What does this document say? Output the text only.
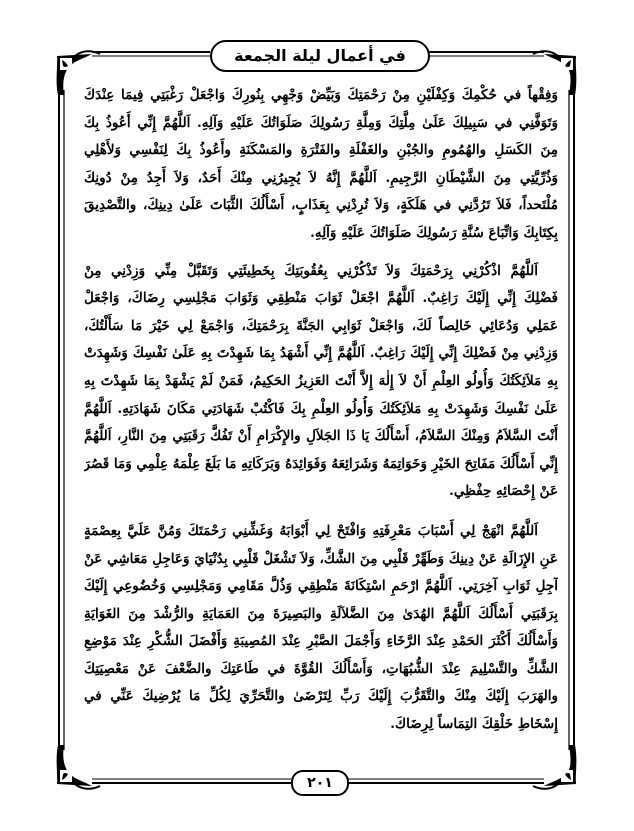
في أعمال ليلة الجمعة

وَفِقْهاً في حُكْمِكَ وَكِفْلَيْنِ مِنْ رَحْمَتِكَ وَبَيِّضْ وَجْهِي بِنُورِكَ وَاجْعَلْ رَغْبَتِي فِيمَا عِنْدَكَ
وَتَوَفَّنِي في سَبِيلِكَ عَلَىٰ مِلَّتِكَ وَمِلَّةِ رَسُولِكَ صَلَوَاتُكَ عَلَيْهِ وَآلِهِ. اَللَّهُمَّ إِنِّي أَعُوذُ بِكَ
مِنَ الكَسَلِ والهُمُومِ والجُبْنِ والغَفْلَةِ والفَتْرَةِ والمَسْكَنَةِ وأَعُوذُ بِكَ لِنَفْسِي وَلأَهْلِي
وَذُرِّيَّتِي مِنَ الشَّيْطَانِ الرَّجِيمِ. اَللَّهُمَّ إِنَّهُ لاَ يُجِيرُنِي مِنْكَ أَحَدٌ، وَلاَ أَجِدُ مِنْ دُونِكَ
مُلْتَحداً، فَلاَ تَرُدَّنِي في هَلَكَةٍ، وَلاَ تُرِدْنِي بِعَذَابٍ، أَسْأَلُكَ الثَّبَاتَ عَلَىٰ دِينِكَ، والتَّصْدِيقَ
بِكِتَابِكَ وَاتِّبَاعَ سُنَّةِ رَسُولِكَ صَلَوَاتُكَ عَلَيْهِ وَآلِهِ.

اَللَّهُمَّ اذْكُرْنِي بِرَحْمَتِكَ وَلاَ تَذْكُرْنِي بِعُقُوبَتِكَ بِخَطِيئَتِي وَتَقَبَّلْ مِنِّي وَزِدْنِي مِنْ
فَضْلِكَ إِنِّي إِلَيْكَ رَاغِبٌ. اَللَّهُمَّ اجْعَلْ ثَوَابَ مَنْطِقِي وَثَوَابَ مَجْلِسِي رِضَاكَ، وَاجْعَلْ
عَمَلِي وَدُعَائِي خَالِصاً لَكَ، وَاجْعَلْ ثَوَابِي الجَنَّةَ بِرَحْمَتِكَ، وَاجْمَعْ لِي خَيْرَ مَا سَأَلْتُكَ،
وَزِدْنِي مِنْ فَضْلِكَ إِنِّي إِلَيْكَ رَاغِبٌ. اَللَّهُمَّ إِنِّي أَشْهَدُ بِمَا شَهِدْتَ بِهِ عَلَىٰ نَفْسِكَ وَشَهِدَتْ
بِهِ مَلاَئِكَتُكَ وَأُولُو العِلْمِ أَنْ لاَ إِلٰهَ إِلاَّ أَنْتَ العَزِيزُ الحَكِيمُ، فَمَنْ لَمْ يَشْهَدْ بِمَا شَهِدْتَ بِهِ
عَلَىٰ نَفْسِكَ وَشَهِدَتْ بِهِ مَلاَئِكَتُكَ وَأُولُو العِلْمِ بِكَ فَاكْتُبْ شَهَادَتِي مَكَانَ شَهَادَتِهِ. اَللَّهُمَّ
أَنْتَ السَّلاَمُ وَمِنْكَ السَّلاَمُ، أَسْأَلُكَ يَا ذَا الجَلاَلِ والإِكْرَامِ أَنْ تَفُكَّ رَقَبَتِي مِنَ النَّارِ، اَللَّهُمَّ
إِنِّي أَسْأَلُكَ مَفَاتِحَ الخَيْرِ وَخَوَاتِمَهُ وَشَرَائِعَهُ وَفَوَائِدَهُ وَبَرَكَاتِهِ مَا بَلَغَ عِلْمَهُ عِلْمِي وَمَا قَصُرَ
عَنْ إِحْصَائِهِ حِفْظِي.

اَللَّهُمَّ انْهَجْ لِي أَسْبَابَ مَعْرِفَتِهِ وَافْتَحْ لِي أَبْوَابَهُ وَغَشِّنِي رَحْمَتَكَ وَمُنَّ عَلَيَّ بِعِصْمَةٍ
عَنِ الإِزَالَةِ عَنْ دِينِكَ وَطَهِّرْ قَلْبِي مِنَ الشَّكِّ، وَلاَ تَشْغَلْ قَلْبِي بِدُنْيَايَ وَعَاجِلِ مَعَاشِي عَنْ
آجِلِ ثَوَابِ آخِرَتِي. اَللَّهُمَّ ارْحَمِ اسْتِكَانَةَ مَنْطِقِي وَذُلَّ مَقَامِي وَمَجْلِسِي وَخُضُوعِي إِلَيْكَ
بِرَقَبَتِي أَسْأَلُكَ اَللَّهُمَّ الهُدَىٰ مِنَ الضَّلاَلَةِ والبَصِيرَةَ مِنَ العَمَايَةِ والرُّشْدَ مِنَ الغَوَايَةِ
وَأَسْأَلُكَ أَكْثَرَ الحَمْدِ عِنْدَ الرَّخَاءِ وَأَجْمَلَ الصَّبْرِ عِنْدَ المُصِيبَةِ وَأَفْضَلَ الشُّكْرِ عِنْدَ مَوْضِعِ
الشَّكِّ والتَّسْلِيمَ عِنْدَ الشُّبُهَاتِ، وَأَسْأَلُكَ القُوَّةَ في طَاعَتِكَ والضَّعْفَ عَنْ مَعْصِيَتِكَ
والهَرَبَ إِلَيْكَ مِنْكَ والتَّقَرُّبَ إِلَيْكَ رَبِّ لِتَرْضَىٰ والتَّحَرِّيَ لِكُلِّ مَا يُرْضِيكَ عَنِّي في
إِسْخَاطِ خَلْقِكَ التِمَاساً لِرِضَاكَ.

٢٠١
